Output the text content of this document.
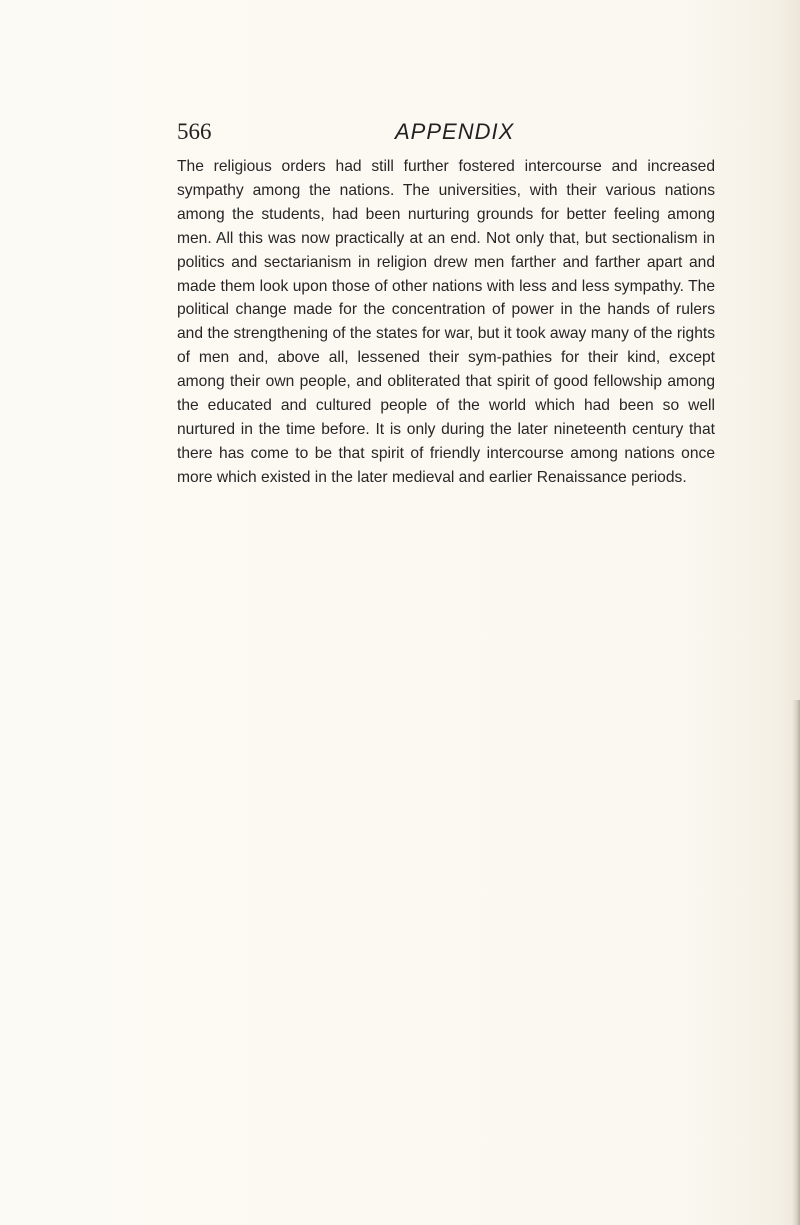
566	APPENDIX

The religious orders had still further fostered intercourse and increased sympathy among the nations. The universities, with their various nations among the students, had been nurturing grounds for better feeling among men. All this was now practically at an end. Not only that, but sectionalism in politics and sectarianism in religion drew men farther and farther apart and made them look upon those of other nations with less and less sympathy. The political change made for the concentration of power in the hands of rulers and the strengthening of the states for war, but it took away many of the rights of men and, above all, lessened their sym-pathies for their kind, except among their own people, and obliterated that spirit of good fellowship among the educated and cultured people of the world which had been so well nurtured in the time before. It is only during the later nineteenth century that there has come to be that spirit of friendly intercourse among nations once more which existed in the later medieval and earlier Renaissance periods.
